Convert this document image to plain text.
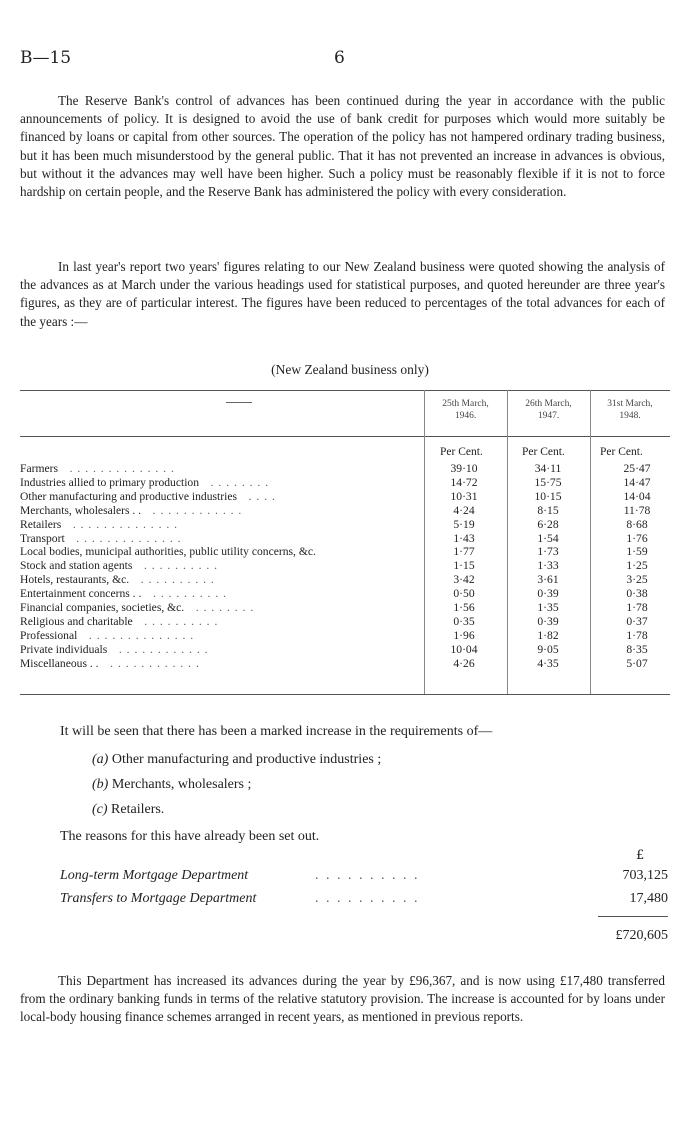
B—15	6

The Reserve Bank's control of advances has been continued during the year in accordance with the public announcements of policy. It is designed to avoid the use of bank credit for purposes which would more suitably be financed by loans or capital from other sources. The operation of the policy has not hampered ordinary trading business, but it has been much misunderstood by the general public. That it has not prevented an increase in advances is obvious, but without it the advances may well have been higher. Such a policy must be reasonably flexible if it is not to force hardship on certain people, and the Reserve Bank has administered the policy with every consideration.

In last year's report two years' figures relating to our New Zealand business were quoted showing the analysis of the advances as at March under the various headings used for statistical purposes, and quoted hereunder are three year's figures, as they are of particular interest. The figures have been reduced to percentages of the total advances for each of the years :—

(New Zealand business only)
25th March,
1946.
26th March,
1947.
31st March,
1948.
Per Cent.	Per Cent.	Per Cent.
Farmers  . . . . . . . . . . . . . .	39·10	34·11	25·47
Industries allied to primary production  . . . . . . . .	14·72	15·75	14·47
Other manufacturing and productive industries  . . . .	10·31	10·15	14·04
Merchants, wholesalers . .  . . . . . . . . . . . .	4·24	8·15	11·78
Retailers  . . . . . . . . . . . . . .	5·19	6·28	8·68
Transport  . . . . . . . . . . . . . .	1·43	1·54	1·76
Local bodies, municipal authorities, public utility concerns, &c. 	1·77	1·73	1·59
Stock and station agents  . . . . . . . . . .	1·15	1·33	1·25
Hotels, restaurants, &c.  . . . . . . . . . .	3·42	3·61	3·25
Entertainment concerns . .  . . . . . . . . . .	0·50	0·39	0·38
Financial companies, societies, &c.  . . . . . . . .	1·56	1·35	1·78
Religious and charitable  . . . . . . . . . .	0·35	0·39	0·37
Professional  . . . . . . . . . . . . . .	1·96	1·82	1·78
Private individuals  . . . . . . . . . . . .	10·04	9·05	8·35
Miscellaneous . .  . . . . . . . . . . . .	4·26	4·35	5·07
It will be seen that there has been a marked increase in the requirements of—
(a) Other manufacturing and productive industries ;
(b) Merchants, wholesalers ;
(c) Retailers.
The reasons for this have already been set out.
£
Long-term Mortgage Department	. . . . . . . . . .	703,125
Transfers to Mortgage Department	. . . . . . . . . .	17,480
£720,605

This Department has increased its advances during the year by £96,367, and is now using £17,480 transferred from the ordinary banking funds in terms of the relative statutory provision. The increase is accounted for by loans under local-body housing finance schemes arranged in recent years, as mentioned in previous reports.
